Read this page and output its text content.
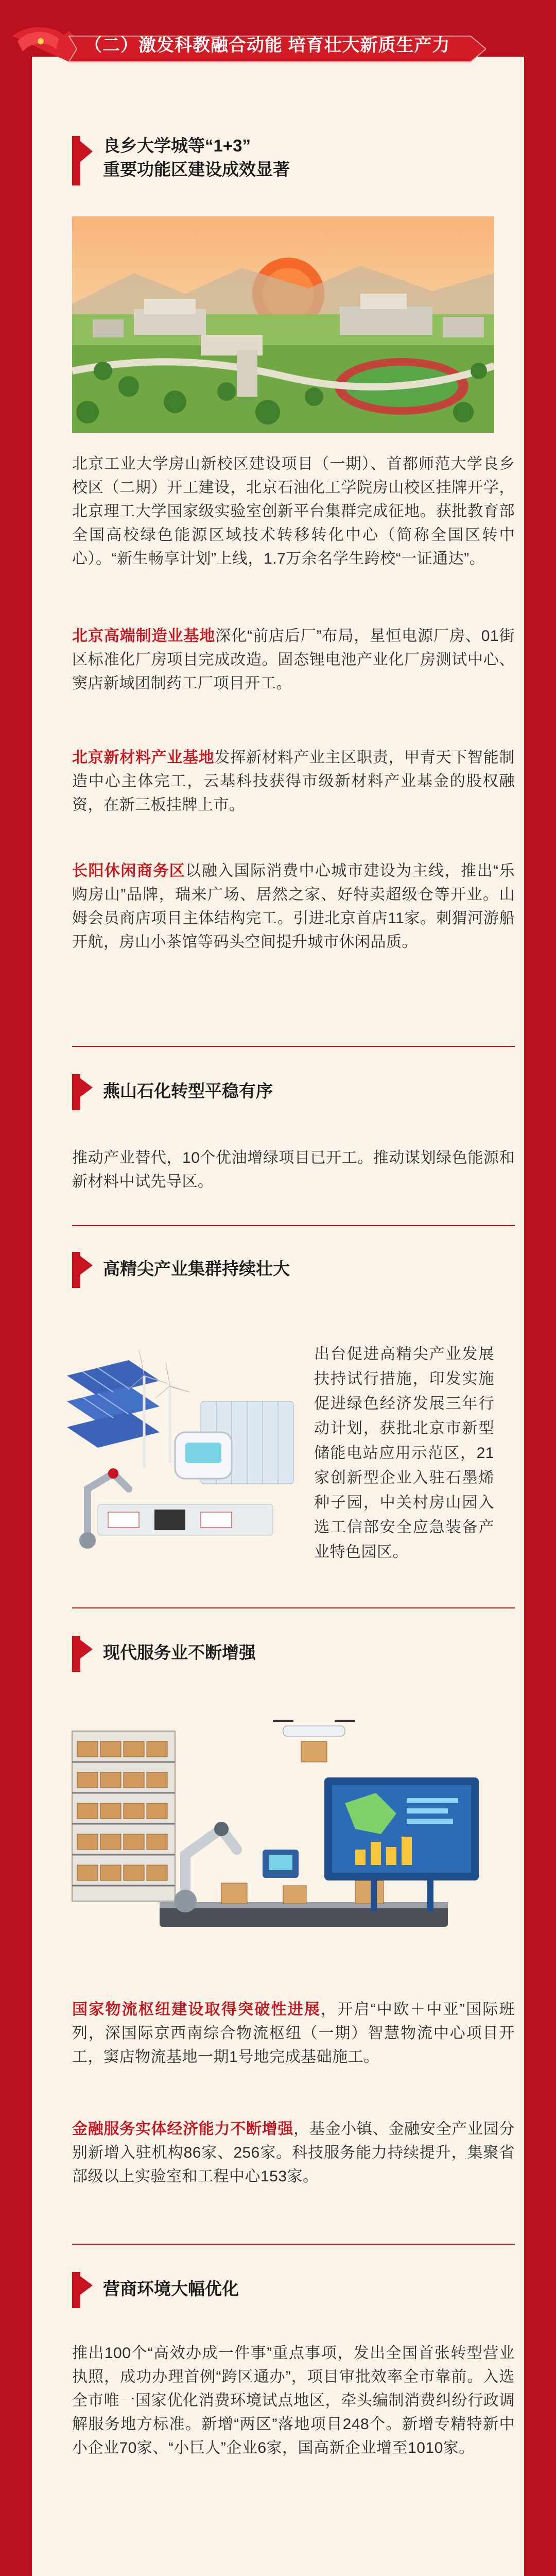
（二）激发科教融合动能 培育壮大新质生产力
良乡大学城等“1+3”
重要功能区建设成效显著
北京工业大学房山新校区建设项目（一期）、首都师范大学良乡校区（二期）开工建设，北京石油化工学院房山校区挂牌开学，北京理工大学国家级实验室创新平台集群完成征地。获批教育部全国高校绿色能源区域技术转移转化中心（简称全国区转中心）。“新生畅享计划”上线，1.7万余名学生跨校“一证通达”。
北京高端制造业基地深化“前店后厂”布局，星恒电源厂房、01街区标准化厂房项目完成改造。固态锂电池产业化厂房测试中心、窦店新域团制药工厂项目开工。
北京新材料产业基地发挥新材料产业主区职责，甲青天下智能制造中心主体完工，云基科技获得市级新材料产业基金的股权融资，在新三板挂牌上市。
长阳休闲商务区以融入国际消费中心城市建设为主线，推出“乐购房山”品牌，瑞来广场、居然之家、好特卖超级仓等开业。山姆会员商店项目主体结构完工。引进北京首店11家。刺猬河游船开航，房山小茶馆等码头空间提升城市休闲品质。
燕山石化转型平稳有序
推动产业替代，10个优油增绿项目已开工。推动谋划绿色能源和新材料中试先导区。
高精尖产业集群持续壮大
出台促进高精尖产业发展扶持试行措施，印发实施促进绿色经济发展三年行动计划，获批北京市新型储能电站应用示范区，21家创新型企业入驻石墨烯种子园，中关村房山园入选工信部安全应急装备产业特色园区。
现代服务业不断增强
国家物流枢纽建设取得突破性进展，开启“中欧＋中亚”国际班列，深国际京西南综合物流枢纽（一期）智慧物流中心项目开工，窦店物流基地一期1号地完成基础施工。
金融服务实体经济能力不断增强，基金小镇、金融安全产业园分别新增入驻机构86家、256家。科技服务能力持续提升，集聚省部级以上实验室和工程中心153家。
营商环境大幅优化
推出100个“高效办成一件事”重点事项，发出全国首张转型营业执照，成功办理首例“跨区通办”，项目审批效率全市靠前。入选全市唯一国家优化消费环境试点地区，牵头编制消费纠纷行政调解服务地方标准。新增“两区”落地项目248个。新增专精特新中小企业70家、“小巨人”企业6家，国高新企业增至1010家。
